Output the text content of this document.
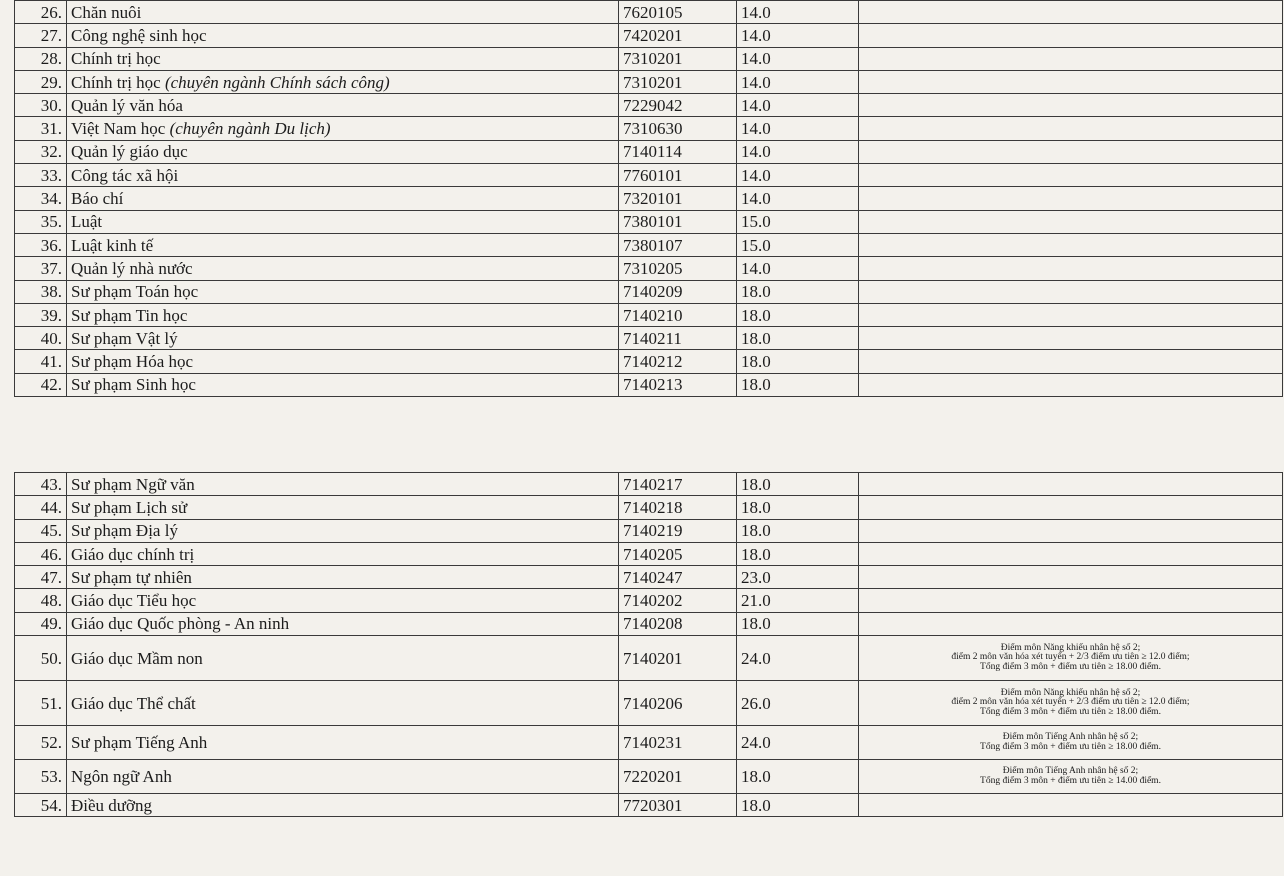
26.	Chăn nuôi	7620105	14.0	
27.	Công nghệ sinh học	7420201	14.0	
28.	Chính trị học	7310201	14.0	
29.	Chính trị học (chuyên ngành Chính sách công)	7310201	14.0	
30.	Quản lý văn hóa	7229042	14.0	
31.	Việt Nam học (chuyên ngành Du lịch)	7310630	14.0	
32.	Quản lý giáo dục	7140114	14.0	
33.	Công tác xã hội	7760101	14.0	
34.	Báo chí	7320101	14.0	
35.	Luật	7380101	15.0	
36.	Luật kinh tế	7380107	15.0	
37.	Quản lý nhà nước	7310205	14.0	
38.	Sư phạm Toán học	7140209	18.0	
39.	Sư phạm Tin học	7140210	18.0	
40.	Sư phạm Vật lý	7140211	18.0	
41.	Sư phạm Hóa học	7140212	18.0	
42.	Sư phạm Sinh học	7140213	18.0	
43.	Sư phạm Ngữ văn	7140217	18.0	
44.	Sư phạm Lịch sử	7140218	18.0	
45.	Sư phạm Địa lý	7140219	18.0	
46.	Giáo dục chính trị	7140205	18.0	
47.	Sư phạm tự nhiên	7140247	23.0	
48.	Giáo dục Tiểu học	7140202	21.0	
49.	Giáo dục Quốc phòng - An ninh	7140208	18.0	
50.	Giáo dục Mầm non	7140201	24.0	Điểm môn Năng khiếu nhân hệ số 2;
điểm 2 môn văn hóa xét tuyển + 2/3 điểm ưu tiên ≥ 12.0 điểm;
Tổng điểm 3 môn + điểm ưu tiên ≥ 18.00 điểm.

51.	Giáo dục Thể chất	7140206	26.0	Điểm môn Năng khiếu nhân hệ số 2;
điểm 2 môn văn hóa xét tuyển + 2/3 điểm ưu tiên ≥ 12.0 điểm;
Tổng điểm 3 môn + điểm ưu tiên ≥ 18.00 điểm.

52.	Sư phạm Tiếng Anh	7140231	24.0	Điểm môn Tiếng Anh nhân hệ số 2;
Tổng điểm 3 môn + điểm ưu tiên ≥ 18.00 điểm.

53.	Ngôn ngữ Anh	7220201	18.0	Điểm môn Tiếng Anh nhân hệ số 2;
Tổng điểm 3 môn + điểm ưu tiên ≥ 14.00 điểm.

54.	Điều dưỡng	7720301	18.0	
